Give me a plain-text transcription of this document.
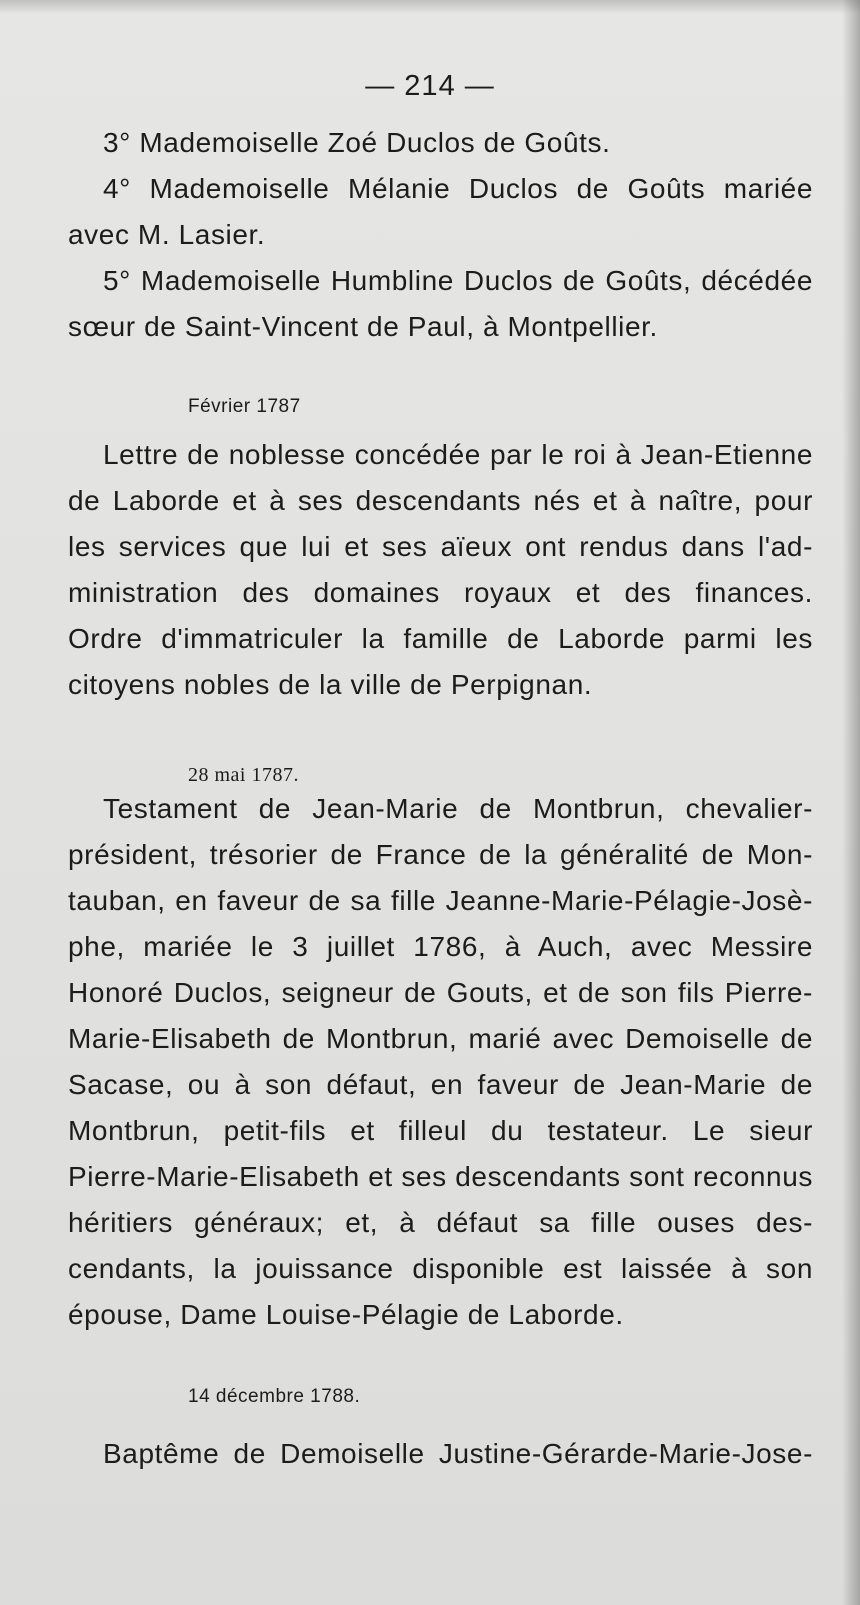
— 214 —
3° Mademoiselle Zoé Duclos de Goûts.
4° Mademoiselle Mélanie Duclos de Goûts mariée
avec M. Lasier.
5° Mademoiselle Humbline Duclos de Goûts, décédée
sœur de Saint-Vincent de Paul, à Montpellier.
Février 1787
Lettre de noblesse concédée par le roi à Jean-Etienne
de Laborde et à ses descendants nés et à naître, pour
les services que lui et ses aïeux ont rendus dans l'ad-
ministration des domaines royaux et des finances.
Ordre d'immatriculer la famille de Laborde parmi les
citoyens nobles de la ville de Perpignan.
28 mai 1787.
Testament de Jean-Marie de Montbrun, chevalier-
président, trésorier de France de la généralité de Mon-
tauban, en faveur de sa fille Jeanne-Marie-Pélagie-Josè-
phe, mariée le 3 juillet 1786, à Auch, avec Messire
Honoré Duclos, seigneur de Gouts, et de son fils Pierre-
Marie-Elisabeth de Montbrun, marié avec Demoiselle de
Sacase, ou à son défaut, en faveur de Jean-Marie de
Montbrun, petit-fils et filleul du testateur. Le sieur
Pierre-Marie-Elisabeth et ses descendants sont reconnus
héritiers généraux; et, à défaut sa fille ouses des-
cendants, la jouissance disponible est laissée à son
épouse, Dame Louise-Pélagie de Laborde.
14 décembre 1788.
Baptême de Demoiselle Justine-Gérarde-Marie-Jose-
